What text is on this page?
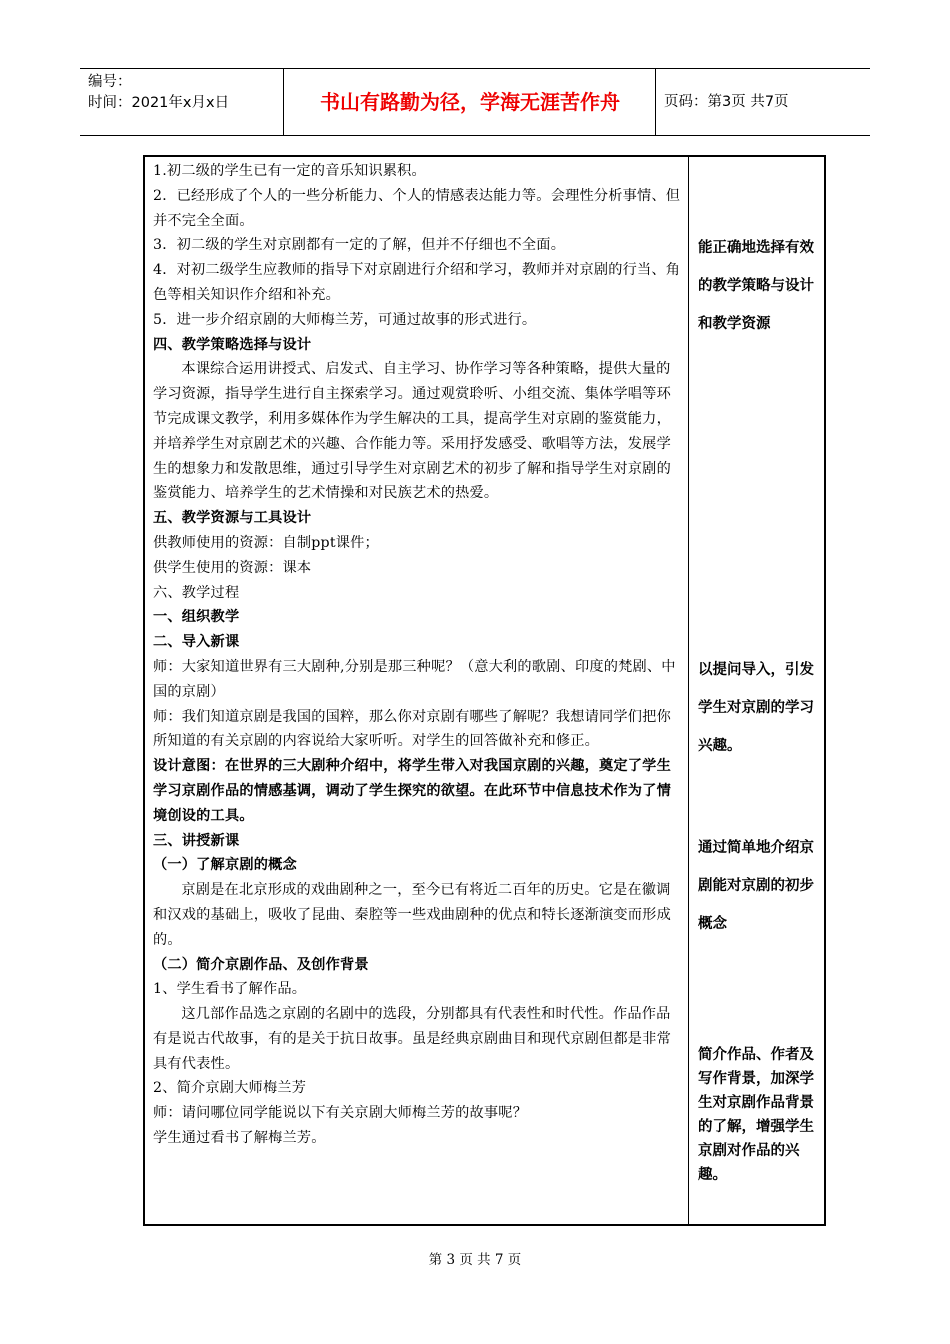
编号：
时间：2021年x月x日	书山有路勤为径，学海无涯苦作舟	页码：第3页 共7页

1.初二级的学生已有一定的音乐知识累积。

2．已经形成了个人的一些分析能力、个人的情感表达能力等。会理性分析事情、但并不完全全面。

3．初二级的学生对京剧都有一定的了解，但并不仔细也不全面。

4．对初二级学生应教师的指导下对京剧进行介绍和学习，教师并对京剧的行当、角色等相关知识作介绍和补充。

5．进一步介绍京剧的大师梅兰芳，可通过故事的形式进行。

四、教学策略选择与设计

本课综合运用讲授式、启发式、自主学习、协作学习等各种策略，提供大量的学习资源，指导学生进行自主探索学习。通过观赏聆听、小组交流、集体学唱等环节完成课文教学，利用多媒体作为学生解决的工具，提高学生对京剧的鉴赏能力，并培养学生对京剧艺术的兴趣、合作能力等。采用抒发感受、歌唱等方法，发展学生的想象力和发散思维，通过引导学生对京剧艺术的初步了解和指导学生对京剧的鉴赏能力、培养学生的艺术情操和对民族艺术的热爱。

五、教学资源与工具设计

供教师使用的资源：自制ppt课件；

供学生使用的资源：课本

六、教学过程

一、组织教学

二、导入新课

师：大家知道世界有三大剧种,分别是那三种呢？（意大利的歌剧、印度的梵剧、中国的京剧）

师：我们知道京剧是我国的国粹，那么你对京剧有哪些了解呢？我想请同学们把你所知道的有关京剧的内容说给大家听听。对学生的回答做补充和修正。

设计意图：在世界的三大剧种介绍中，将学生带入对我国京剧的兴趣，奠定了学生学习京剧作品的情感基调，调动了学生探究的欲望。在此环节中信息技术作为了情境创设的工具。

三、讲授新课

（一）了解京剧的概念

京剧是在北京形成的戏曲剧种之一，至今已有将近二百年的历史。它是在徽调和汉戏的基础上，吸收了昆曲、秦腔等一些戏曲剧种的优点和特长逐渐演变而形成的。

（二）简介京剧作品、及创作背景

1、学生看书了解作品。

这几部作品选之京剧的名剧中的选段，分别都具有代表性和时代性。作品作品有是说古代故事，有的是关于抗日故事。虽是经典京剧曲目和现代京剧但都是非常具有代表性。

2、简介京剧大师梅兰芳

师：请问哪位同学能说以下有关京剧大师梅兰芳的故事呢？

学生通过看书了解梅兰芳。

能正确地选择有效的教学策略与设计和教学资源
以提问导入，引发学生对京剧的学习兴趣。
通过简单地介绍京剧能对京剧的初步概念
简介作品、作者及写作背景，加深学生对京剧作品背景的了解，增强学生京剧对作品的兴趣。
第 3 页 共 7 页
